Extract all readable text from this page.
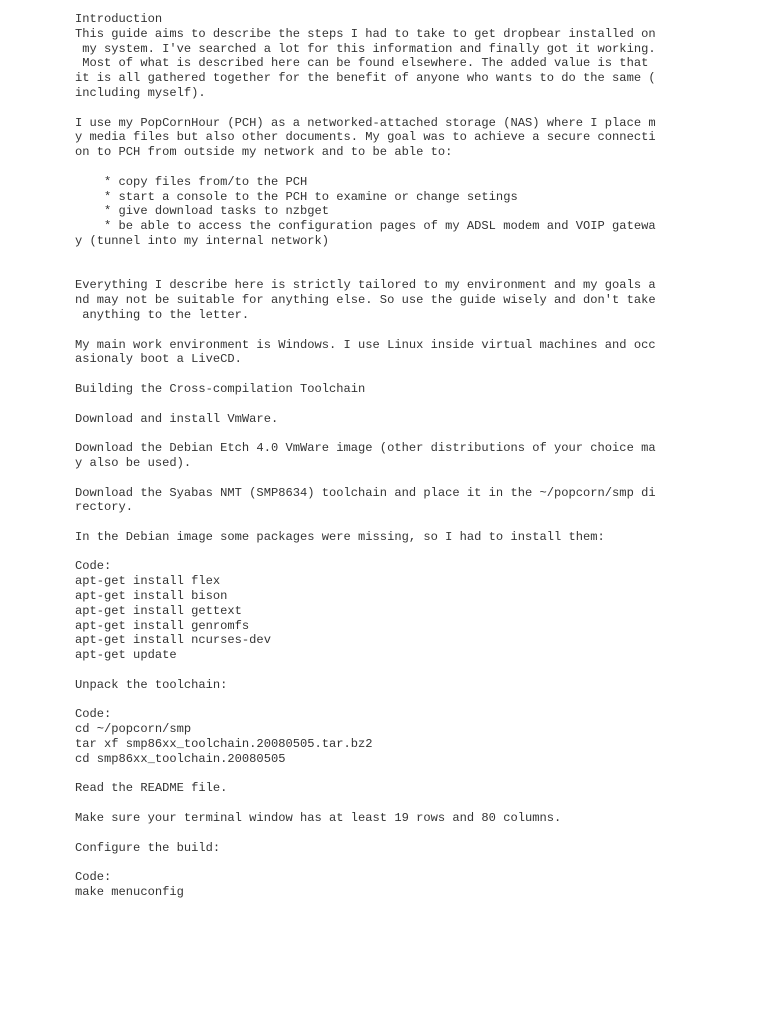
Introduction
This guide aims to describe the steps I had to take to get dropbear installed on
my system. I've searched a lot for this information and finally got it working.
Most of what is described here can be found elsewhere. The added value is that
it is all gathered together for the benefit of anyone who wants to do the same (
including myself).
I use my PopCornHour (PCH) as a networked-attached storage (NAS) where I place m
y media files but also other documents. My goal was to achieve a secure connecti
on to PCH from outside my network and to be able to:
* copy files from/to the PCH
* start a console to the PCH to examine or change setings
* give download tasks to nzbget
* be able to access the configuration pages of my ADSL modem and VOIP gatewa
y (tunnel into my internal network)
Everything I describe here is strictly tailored to my environment and my goals a
nd may not be suitable for anything else. So use the guide wisely and don't take
anything to the letter.
My main work environment is Windows. I use Linux inside virtual machines and occ
asionaly boot a LiveCD.
Building the Cross-compilation Toolchain
Download and install VmWare.
Download the Debian Etch 4.0 VmWare image (other distributions of your choice ma
y also be used).
Download the Syabas NMT (SMP8634) toolchain and place it in the ~/popcorn/smp di
rectory.
In the Debian image some packages were missing, so I had to install them:
Code:
apt-get install flex
apt-get install bison
apt-get install gettext
apt-get install genromfs
apt-get install ncurses-dev
apt-get update
Unpack the toolchain:
Code:
cd ~/popcorn/smp
tar xf smp86xx_toolchain.20080505.tar.bz2
cd smp86xx_toolchain.20080505
Read the README file.
Make sure your terminal window has at least 19 rows and 80 columns.
Configure the build:
Code:
make menuconfig
